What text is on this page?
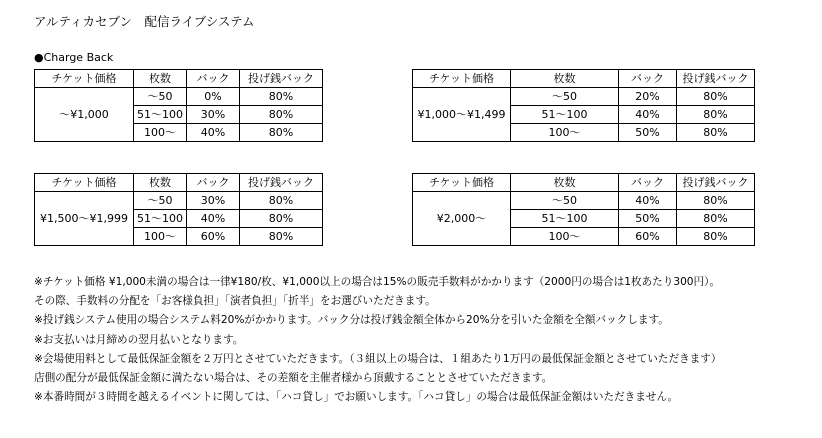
アルティカセブン　配信ライブシステム
●Charge Back
チケット価格	枚数	バック	投げ銭バック
～¥1,000	～50	0%	80%
	51～100	30%	80%
	100～	40%	80%
チケット価格	枚数	バック	投げ銭バック
¥1,000～¥1,499	～50	20%	80%
	51～100	40%	80%
	100～	50%	80%
チケット価格	枚数	バック	投げ銭バック
¥1,500～¥1,999	～50	30%	80%
	51～100	40%	80%
	100～	60%	80%
チケット価格	枚数	バック	投げ銭バック
¥2,000～	～50	40%	80%
	51～100	50%	80%
	100～	60%	80%
※チケット価格 ¥1,000未満の場合は一律¥180/枚、¥1,000以上の場合は15%の販売手数料がかかります（2000円の場合は1枚あたり300円）。
その際、手数料の分配を「お客様負担」「演者負担」「折半」をお選びいただきます。
※投げ銭システム使用の場合システム料20%がかかります。バック分は投げ銭金額全体から20%分を引いた金額を全額バックします。
※お支払いは月締めの翌月払いとなります。
※会場使用料として最低保証金額を２万円とさせていただきます。（３組以上の場合は、１組あたり1万円の最低保証金額とさせていただきます）
店側の配分が最低保証金額に満たない場合は、その差額を主催者様から頂戴することとさせていただきます。
※本番時間が３時間を越えるイベントに関しては、「ハコ貸し」でお願いします。「ハコ貸し」の場合は最低保証金額はいただきません。
